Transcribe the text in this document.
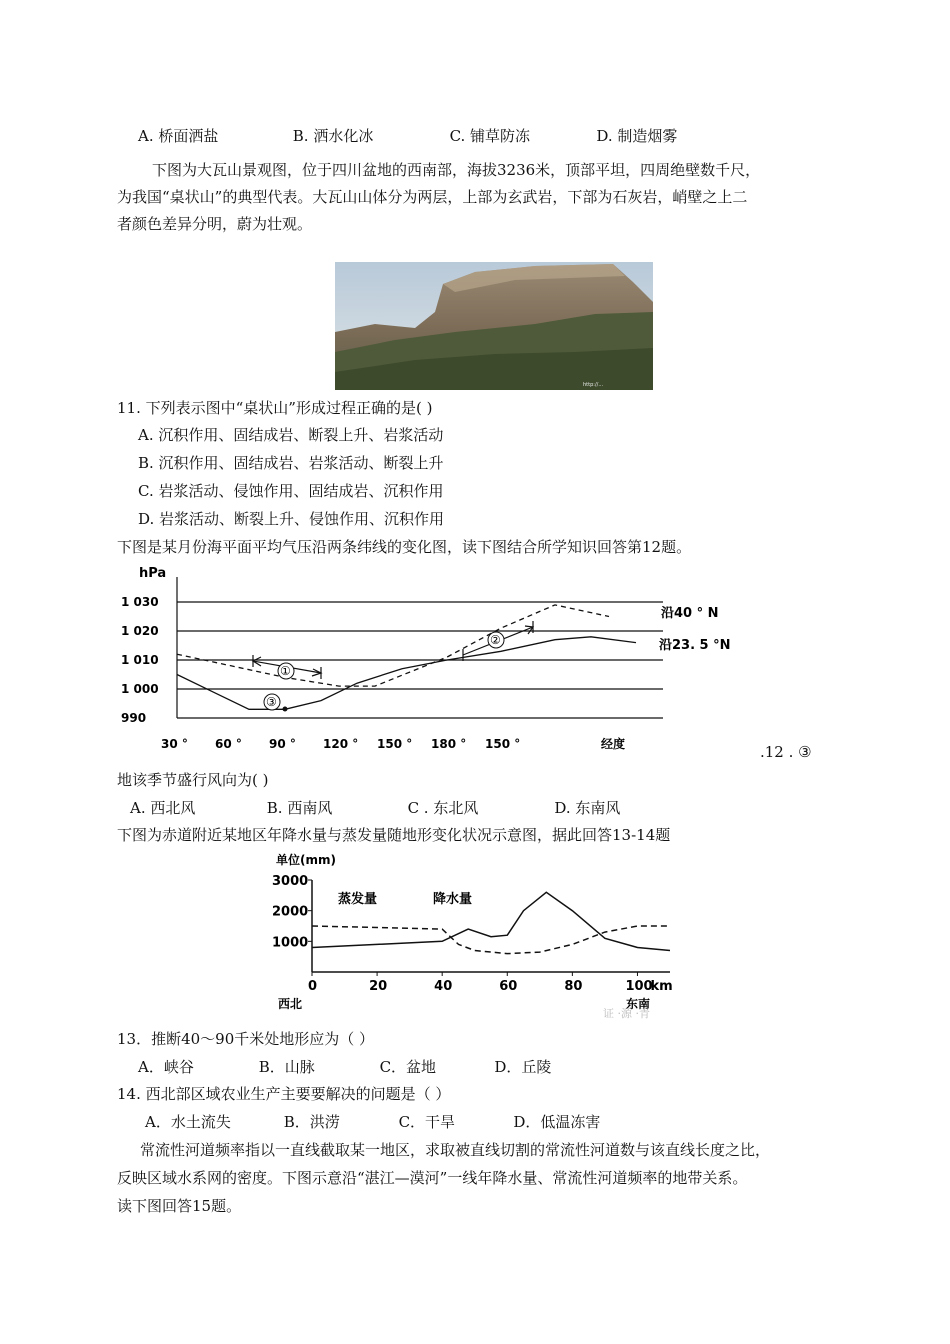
A. 桥面洒盐	B. 洒水化冰	C. 铺草防冻	D. 制造烟雾
下图为大瓦山景观图，位于四川盆地的西南部，海拔3236米，顶部平坦，四周绝壁数千尺，
为我国“桌状山”的典型代表。大瓦山山体分为两层，上部为玄武岩，下部为石灰岩，峭壁之上二
者颜色差异分明，蔚为壮观。
http://...
11. 下列表示图中“桌状山”形成过程正确的是( )
A. 沉积作用、固结成岩、断裂上升、岩浆活动
B. 沉积作用、固结成岩、岩浆活动、断裂上升
C. 岩浆活动、侵蚀作用、固结成岩、沉积作用
D. 岩浆活动、断裂上升、侵蚀作用、沉积作用
下图是某月份海平面平均气压沿两条纬线的变化图，读下图结合所学知识回答第12题。
hPa
1 030
1 020
1 010
1 000
990
30 ° 60 ° 90 ° 120 ° 150 ° 180 ° 150 °	经度
①
②
③
沿40 ° N
沿23. 5 °N
.12 . ③
地该季节盛行风向为( )
A. 西北风	B. 西南风	C . 东北风	D. 东南风
下图为赤道附近某地区年降水量与蒸发量随地形变化状况示意图，据此回答13-14题
单位(mm)
3000
2000
1000
0	20	40	60	80	100
km
蒸发量	降水量
西北	东南
证 ·源 ·青
13．推断40～90千米处地形应为（ ）
A．峡谷	B．山脉	C．盆地	D．丘陵
14. 西北部区域农业生产主要要解决的问题是（ ）
A．水土流失	B．洪涝	C．干旱	D．低温冻害
常流性河道频率指以一直线截取某一地区，求取被直线切割的常流性河道数与该直线长度之比，
反映区域水系网的密度。下图示意沿“湛江—漠河”一线年降水量、常流性河道频率的地带关系。
读下图回答15题。
